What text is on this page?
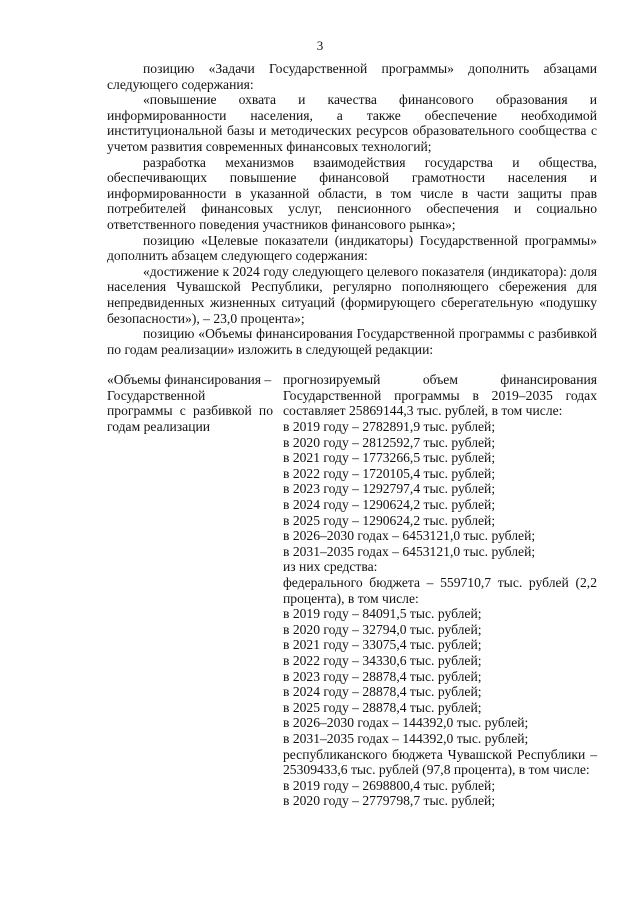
3

позицию «Задачи Государственной программы» дополнить абзацами следующего содержания:

«повышение охвата и качества финансового образования и информированности населения, а также обеспечение необходимой институциональной базы и методических ресурсов образовательного сообщества с учетом развития современных финансовых технологий;

разработка механизмов взаимодействия государства и общества, обеспечивающих повышение финансовой грамотности населения и информированности в указанной области, в том числе в части защиты прав потребителей финансовых услуг, пенсионного обеспечения и социально ответственного поведения участников финансового рынка»;

позицию «Целевые показатели (индикаторы) Государственной программы» дополнить абзацем следующего содержания:

«достижение к 2024 году следующего целевого показателя (индикатора): доля населения Чувашской Республики, регулярно пополняющего сбережения для непредвиденных жизненных ситуаций (формирующего сберегательную «подушку безопасности»), – 23,0 процента»;

позицию «Объемы финансирования Государственной программы с разбивкой по годам реализации» изложить в следующей редакции:

«Объемы финансирования –
Государственной программы с разбивкой по годам реализации
прогнозируемый объем финансирования Государственной программы в 2019–2035 годах составляет 25869144,3 тыс. рублей, в том числе:
в 2019 году – 2782891,9 тыс. рублей;
в 2020 году – 2812592,7 тыс. рублей;
в 2021 году – 1773266,5 тыс. рублей;
в 2022 году – 1720105,4 тыс. рублей;
в 2023 году – 1292797,4 тыс. рублей;
в 2024 году – 1290624,2 тыс. рублей;
в 2025 году – 1290624,2 тыс. рублей;
в 2026–2030 годах – 6453121,0 тыс. рублей;
в 2031–2035 годах – 6453121,0 тыс. рублей;
из них средства:
федерального бюджета – 559710,7 тыс. рублей (2,2 процента), в том числе:
в 2019 году – 84091,5 тыс. рублей;
в 2020 году – 32794,0 тыс. рублей;
в 2021 году – 33075,4 тыс. рублей;
в 2022 году – 34330,6 тыс. рублей;
в 2023 году – 28878,4 тыс. рублей;
в 2024 году – 28878,4 тыс. рублей;
в 2025 году – 28878,4 тыс. рублей;
в 2026–2030 годах – 144392,0 тыс. рублей;
в 2031–2035 годах – 144392,0 тыс. рублей;
республиканского бюджета Чувашской Республики – 25309433,6 тыс. рублей (97,8 процента), в том числе:
в 2019 году – 2698800,4 тыс. рублей;
в 2020 году – 2779798,7 тыс. рублей;
